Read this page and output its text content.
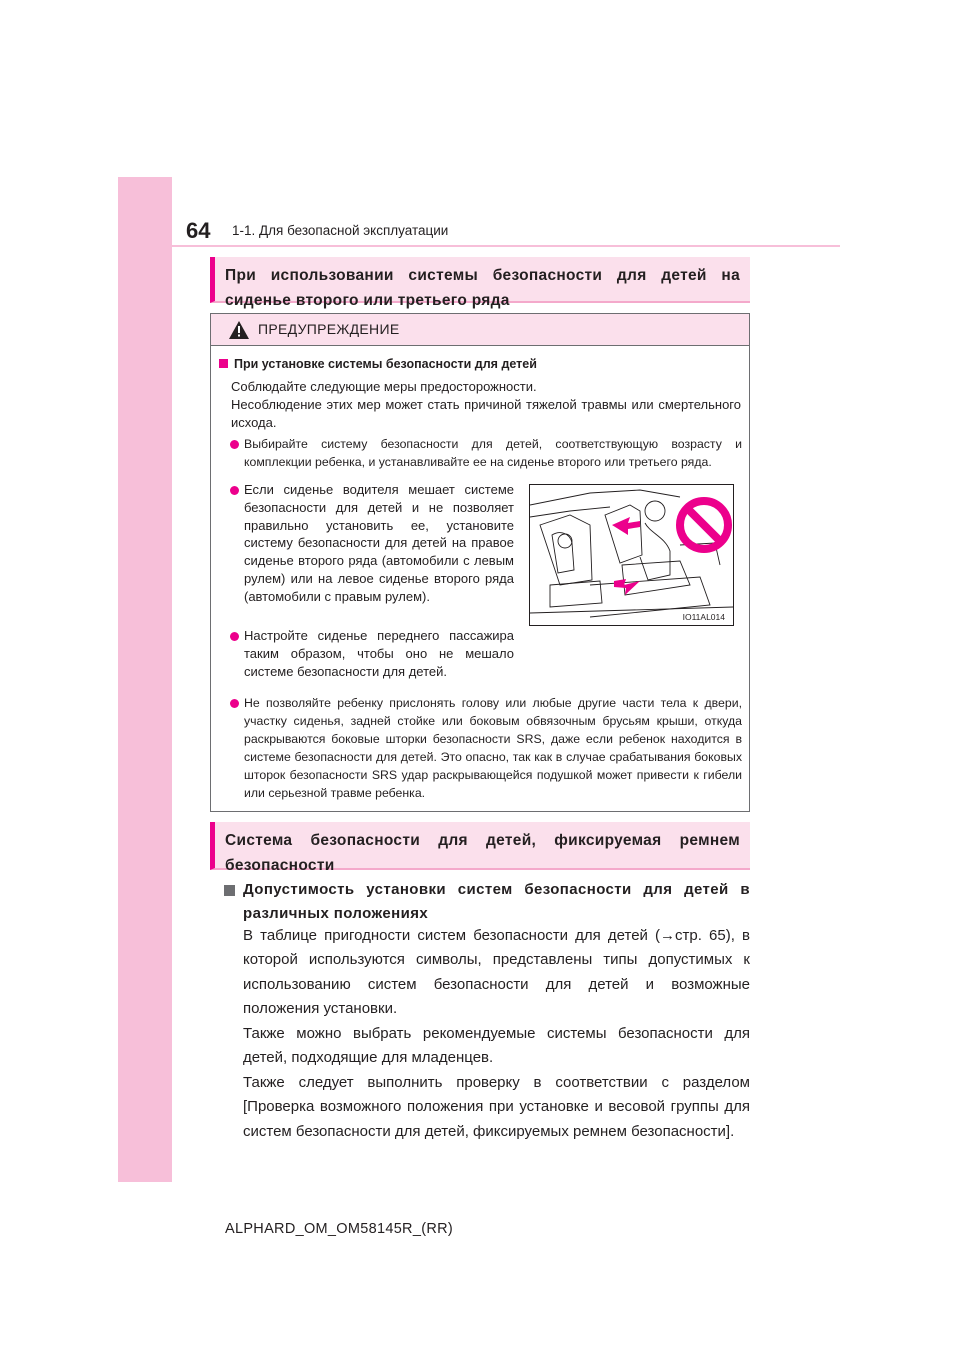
64 1-1. Для безопасной эксплуатации
При использовании системы безопасности для детей на сиденье второго или третьего ряда
ПРЕДУПРЕЖДЕНИЕ
При установке системы безопасности для детей
Соблюдайте следующие меры предосторожности.
Несоблюдение этих мер может стать причиной тяжелой травмы или смертельного исхода.
Выбирайте систему безопасности для детей, соответствующую возрасту и комплекции ребенка, и устанавливайте ее на сиденье второго или третьего ряда.
Если сиденье водителя мешает системе безопасности для детей и не позволяет правильно установить ее, установите систему безопасности для детей на правое сиденье второго ряда (автомобили с левым рулем) или на левое сиденье второго ряда (автомобили с правым рулем).
Настройте сиденье переднего пассажира таким образом, чтобы оно не мешало системе безопасности для детей.
IO11AL014
Не позволяйте ребенку прислонять голову или любые другие части тела к двери, участку сиденья, задней стойке или боковым обвязочным брусьям крыши, откуда раскрываются боковые шторки безопасности SRS, даже если ребенок находится в системе безопасности для детей. Это опасно, так как в случае срабатывания боковых шторок безопасности SRS удар раскрывающейся подушкой может привести к гибели или серьезной травме ребенка.
Система безопасности для детей, фиксируемая ремнем безопасности
Допустимость установки систем безопасности для детей в различных положениях
В таблице пригодности систем безопасности для детей (→стр. 65), в которой используются символы, представлены типы допустимых к использованию систем безопасности для детей и возможные положения установки.
Также можно выбрать рекомендуемые системы безопасности для детей, подходящие для младенцев.
Также следует выполнить проверку в соответствии с разделом [Проверка возможного положения при установке и весовой группы для систем безопасности для детей, фиксируемых ремнем безопасности].
ALPHARD_OM_OM58145R_(RR)
